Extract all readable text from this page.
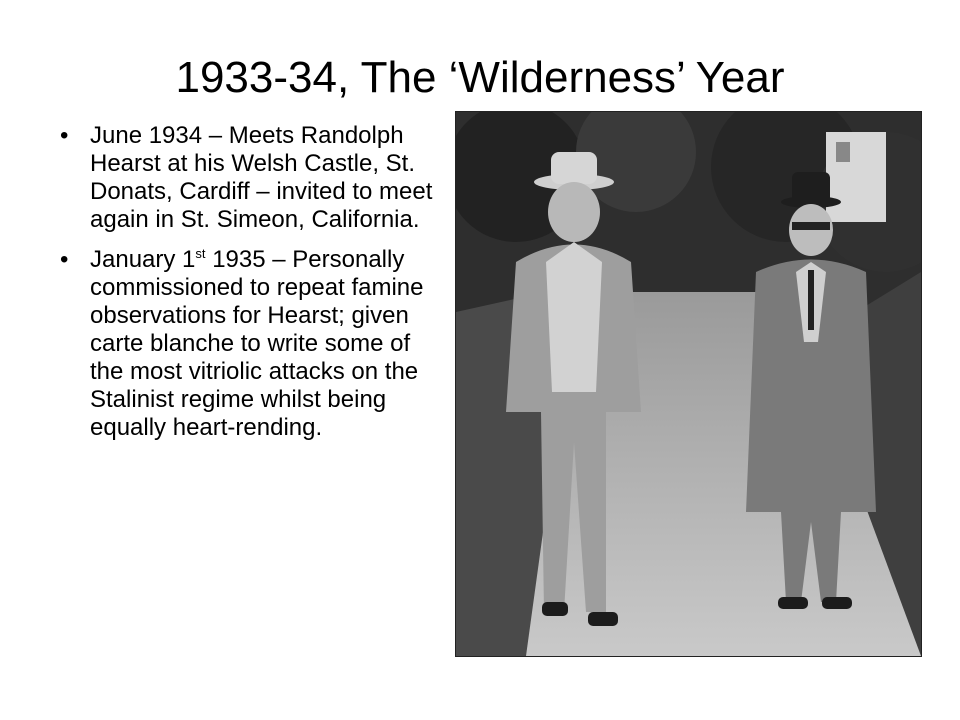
1933-34, The ‘Wilderness’ Year
• June 1934 – Meets Randolph Hearst at his Welsh Castle, St. Donats, Cardiff – invited to meet again in St. Simeon, California.
• January 1st 1935 – Personally commissioned to repeat famine observations for Hearst; given carte blanche to write some of the most vitriolic attacks on the Stalinist regime whilst being equally heart-rending.
